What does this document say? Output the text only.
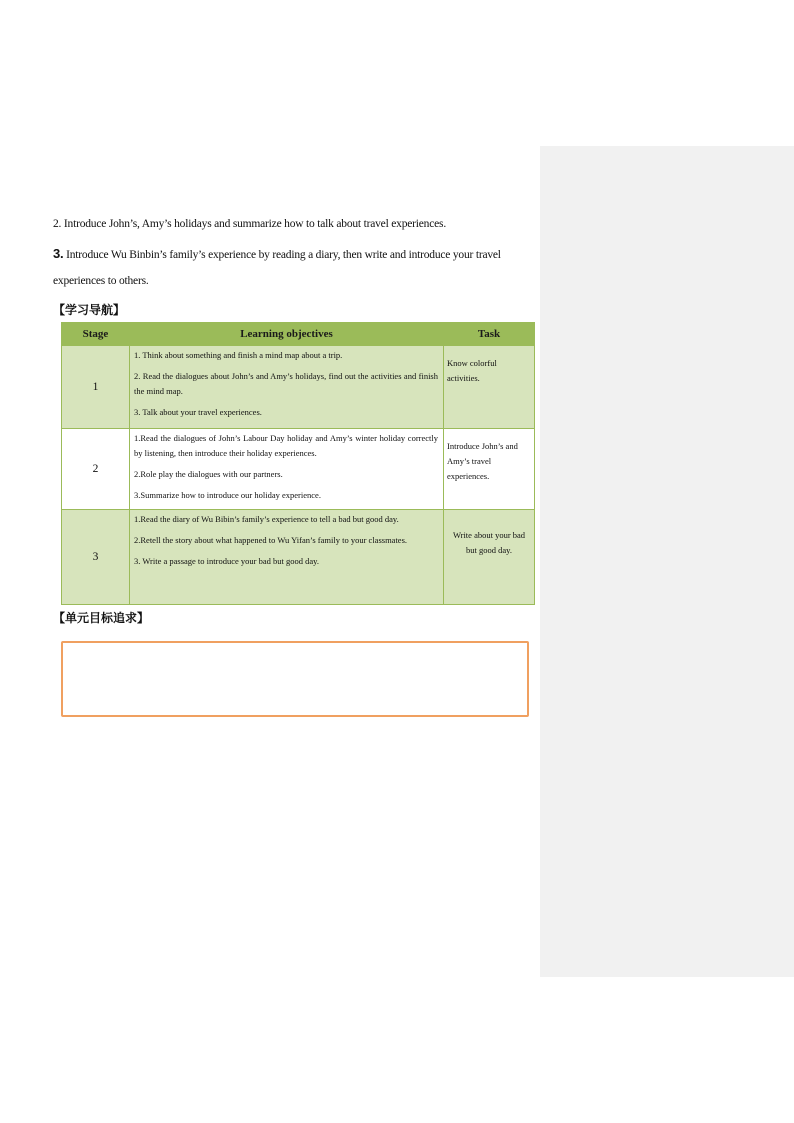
2. Introduce John’s, Amy’s holidays and summarize how to talk about travel experiences.
3. Introduce Wu Binbin’s family’s experience by reading a diary, then write and introduce your travel experiences to others.
【学习导航】
Stage	Learning objectives	Task
1	1. Think about something and finish a mind map about a trip.

2. Read the dialogues about John’s and Amy’s holidays, find out the activities and finish the mind map.

3. Talk about your travel experiences.	Know colorful activities.
2	1.Read the dialogues of John’s Labour Day holiday and Amy’s winter holiday correctly by listening, then introduce their holiday experiences.

2.Role play the dialogues with our partners.

3.Summarize how to introduce our holiday experience.	Introduce John’s and Amy’s travel experiences.
3	1.Read the diary of Wu Bibin’s family’s experience to tell a bad but good day.

2.Retell the story about what happened to Wu Yifan’s family to your classmates.

3. Write a passage to introduce your bad but good day.	Write about your bad but good day.
【单元目标追求】
